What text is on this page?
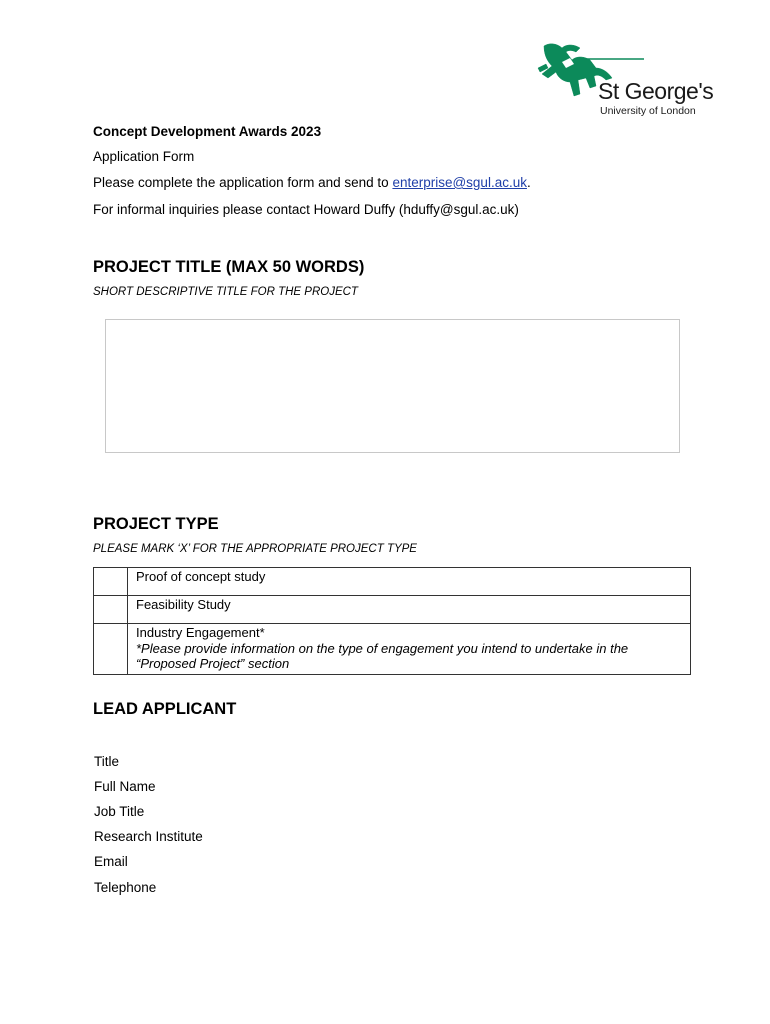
St George's
University of London
Concept Development Awards 2023
Application Form
Please complete the application form and send to enterprise@sgul.ac.uk.
For informal inquiries please contact Howard Duffy (hduffy@sgul.ac.uk)
PROJECT TITLE (MAX 50 WORDS)
SHORT DESCRIPTIVE TITLE FOR THE PROJECT
PROJECT TYPE
PLEASE MARK ‘X’ FOR THE APPROPRIATE PROJECT TYPE
	Proof of concept study
	Feasibility Study

	Industry Engagement*
*Please provide information on the type of engagement you intend to undertake in the “Proposed Project” section
LEAD APPLICANT
Title
Full Name
Job Title
Research Institute
Email
Telephone
